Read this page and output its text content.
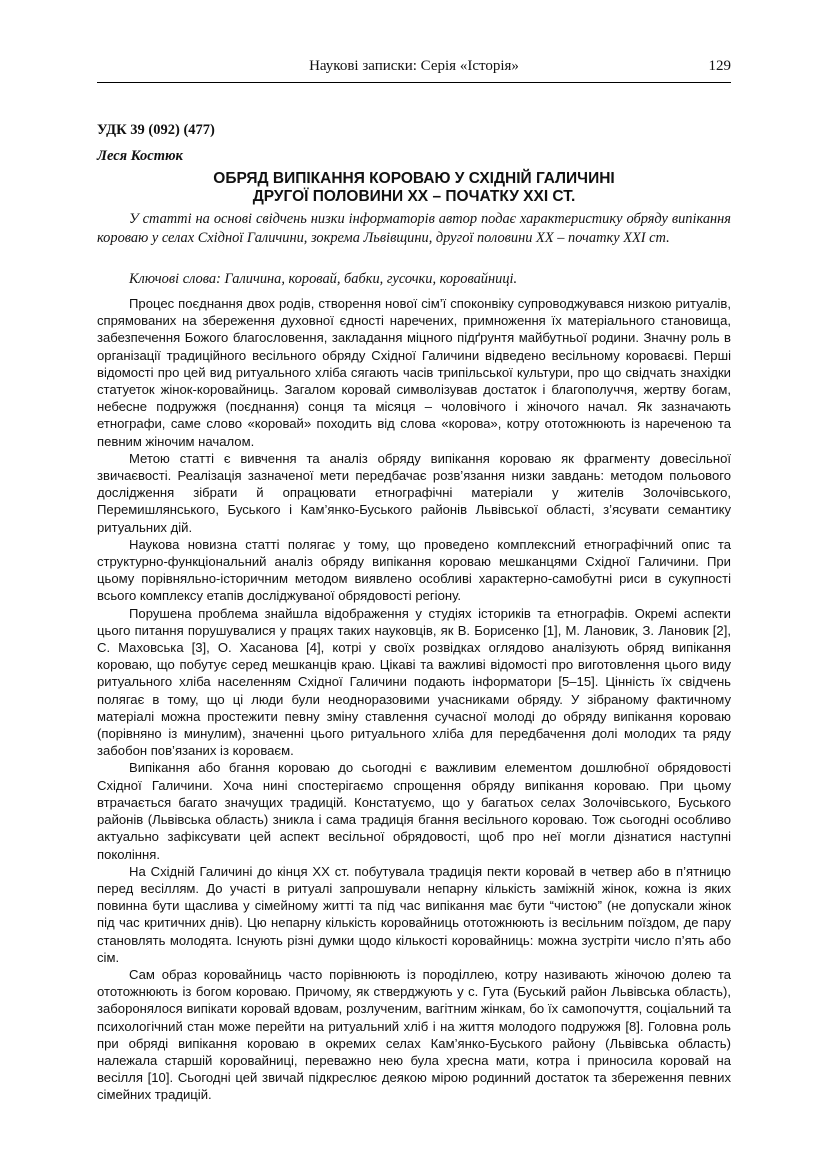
Наукові записки: Серія «Історія»	129
УДК 39 (092) (477)
Леся Костюк
ОБРЯД ВИПІКАННЯ КОРОВАЮ У СХІДНІЙ ГАЛИЧИНІ
ДРУГОЇ ПОЛОВИНИ ХХ – ПОЧАТКУ ХХІ СТ.

У статті на основі свідчень низки інформаторів автор подає характеристику обряду випікання короваю у селах Східної Галичини, зокрема Львівщини, другої половини ХХ – початку ХХІ ст.

Ключові слова: Галичина, коровай, бабки, гусочки, коровайниці.

Процес поєднання двох родів, створення нової сім’ї споконвіку супроводжувався низкою ритуалів, спрямованих на збереження духовної єдності наречених, примноження їх матеріального становища, забезпечення Божого благословення, закладання міцного підґрунтя майбутньої родини. Значну роль в організації традиційного весільного обряду Східної Галичини відведено весільному короваєві. Перші відомості про цей вид ритуального хліба сягають часів трипільської культури, про що свідчать знахідки статуеток жінок-коровайниць. Загалом коровай символізував достаток і благополуччя, жертву богам, небесне подружжя (поєднання) сонця та місяця – чоловічого і жіночого начал. Як зазначають етнографи, саме слово «коровай» походить від слова «корова», котру ототожнюють із нареченою та певним жіночим началом.

Метою статті є вивчення та аналіз обряду випікання короваю як фрагменту довесільної звичаєвості. Реалізація зазначеної мети передбачає розв’язання низки завдань: методом польового дослідження зібрати й опрацювати етнографічні матеріали у жителів Золочівського, Перемишлянського, Буського і Кам’янко-Буського районів Львівської області, з’ясувати семантику ритуальних дій.

Наукова новизна статті полягає у тому, що проведено комплексний етнографічний опис та структурно-функціональний аналіз обряду випікання короваю мешканцями Східної Галичини. При цьому порівняльно-історичним методом виявлено особливі характерно-самобутні риси в сукупності всього комплексу етапів досліджуваної обрядовості регіону.

Порушена проблема знайшла відображення у студіях істориків та етнографів. Окремі аспекти цього питання порушувалися у працях таких науковців, як В. Борисенко [1], М. Лановик, З. Лановик [2], С. Маховська [3], О. Хасанова [4], котрі у своїх розвідках оглядово аналізують обряд випікання короваю, що побутує серед мешканців краю. Цікаві та важливі відомості про виготовлення цього виду ритуального хліба населенням Східної Галичини подають інформатори [5–15]. Цінність їх свідчень полягає в тому, що ці люди були неодноразовими учасниками обряду. У зібраному фактичному матеріалі можна простежити певну зміну ставлення сучасної молоді до обряду випікання короваю (порівняно із минулим), значенні цього ритуального хліба для передбачення долі молодих та ряду забобон пов’язаних із короваєм.

Випікання або бгання короваю до сьогодні є важливим елементом дошлюбної обрядовості Східної Галичини. Хоча нині спостерігаємо спрощення обряду випікання короваю. При цьому втрачається багато значущих традицій. Констатуємо, що у багатьох селах Золочівського, Буського районів (Львівська область) зникла і сама традиція бгання весільного короваю. Тож сьогодні особливо актуально зафіксувати цей аспект весільної обрядовості, щоб про неї могли дізнатися наступні покоління.

На Східній Галичині до кінця ХХ ст. побутувала традиція пекти коровай в четвер або в п’ятницю перед весіллям. До участі в ритуалі запрошували непарну кількість заміжній жінок, кожна із яких повинна бути щаслива у сімейному житті та під час випікання має бути “чистою” (не допускали жінок під час критичних днів). Цю непарну кількість коровайниць ототожнюють із весільним поїздом, де пару становлять молодята. Існують різні думки щодо кількості коровайниць: можна зустріти число п’ять або сім.

Сам образ коровайниць часто порівнюють із породіллею, котру називають жіночою долею та ототожнюють із богом короваю. Причому, як стверджують у с. Гута (Буський район Львівська область), заборонялося випікати коровай вдовам, розлученим, вагітним жінкам, бо їх самопочуття, соціальний та психологічний стан може перейти на ритуальний хліб і на життя молодого подружжя [8]. Головна роль при обряді випікання короваю в окремих селах Кам’янко-Буського району (Львівська область) належала старшій коровайниці, переважно нею була хресна мати, котра і приносила коровай на весілля [10]. Сьогодні цей звичай підкреслює деякою мірою родинний достаток та збереження певних сімейних традицій.
